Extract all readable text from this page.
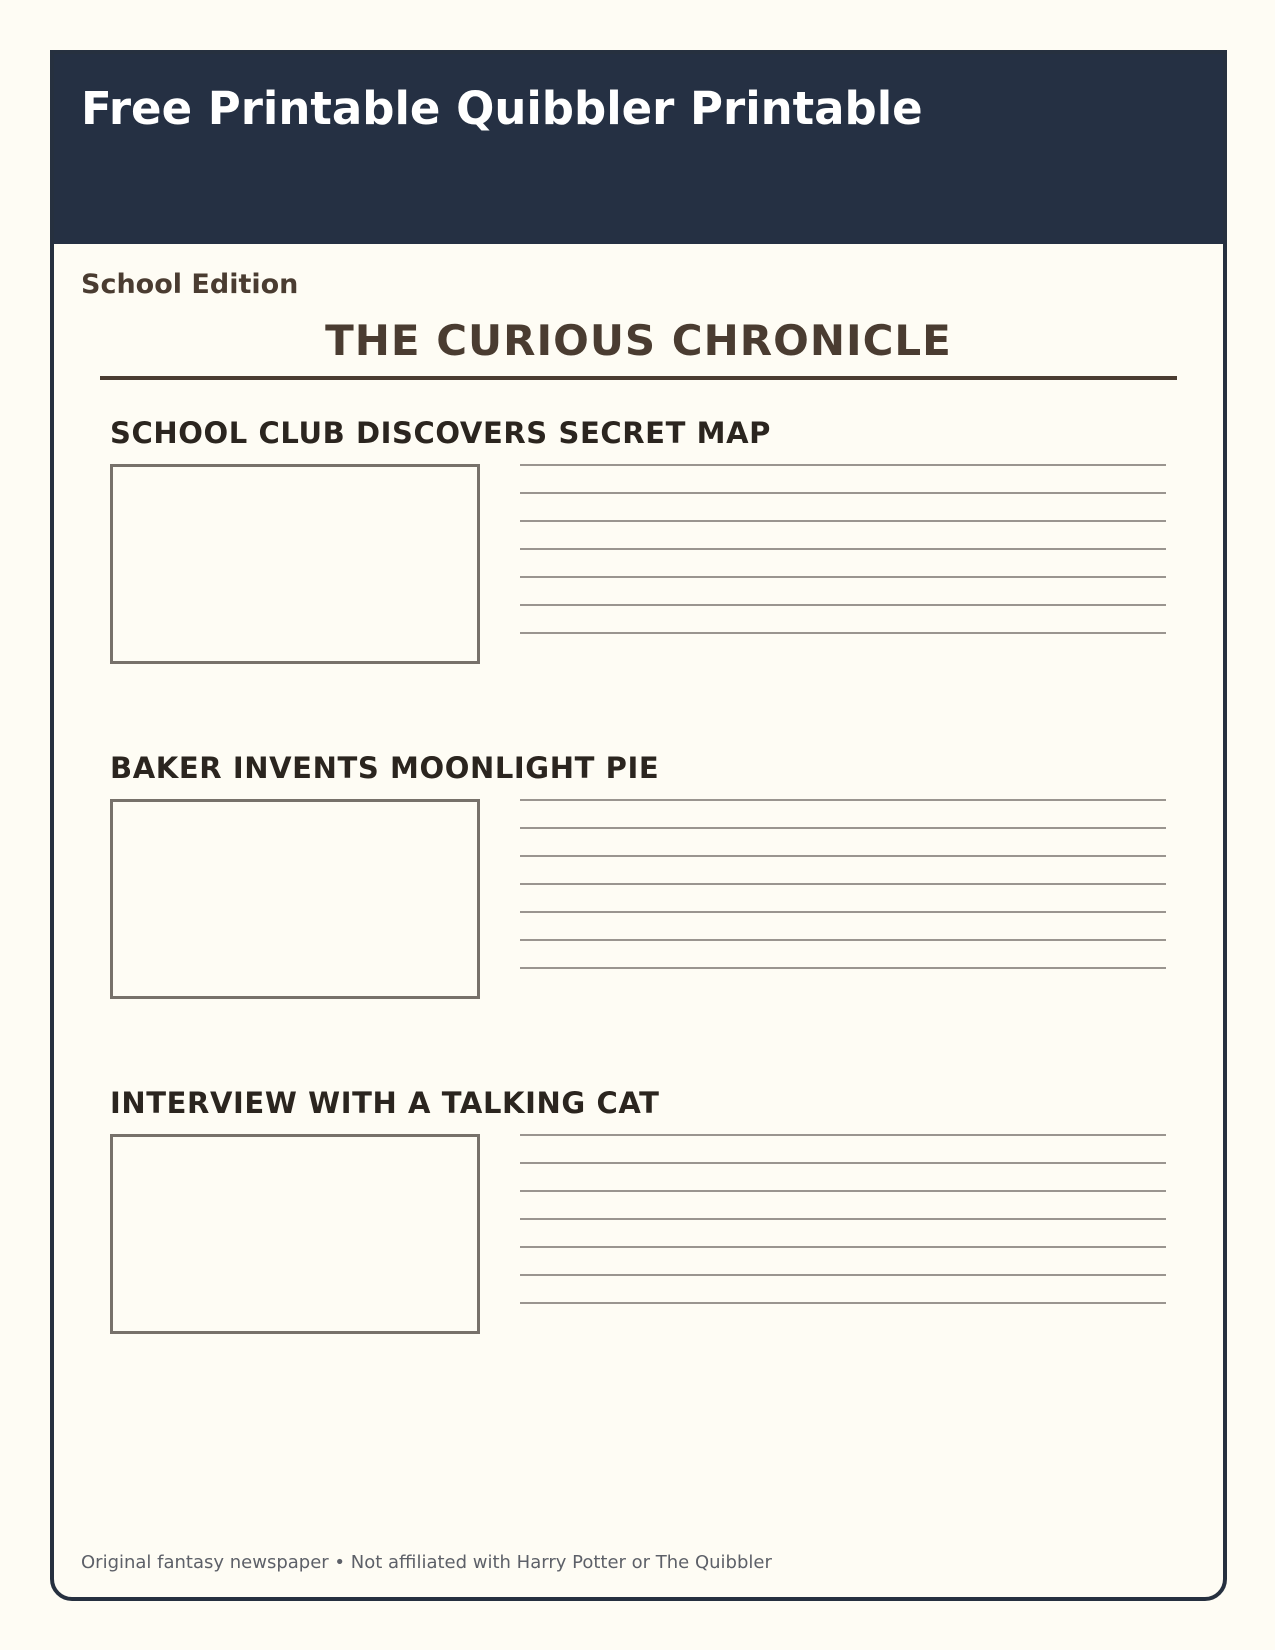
Free Printable Quibbler Printable
School Edition
THE CURIOUS CHRONICLE
SCHOOL CLUB DISCOVERS SECRET MAP
BAKER INVENTS MOONLIGHT PIE
INTERVIEW WITH A TALKING CAT
Original fantasy newspaper • Not affiliated with Harry Potter or The Quibbler
